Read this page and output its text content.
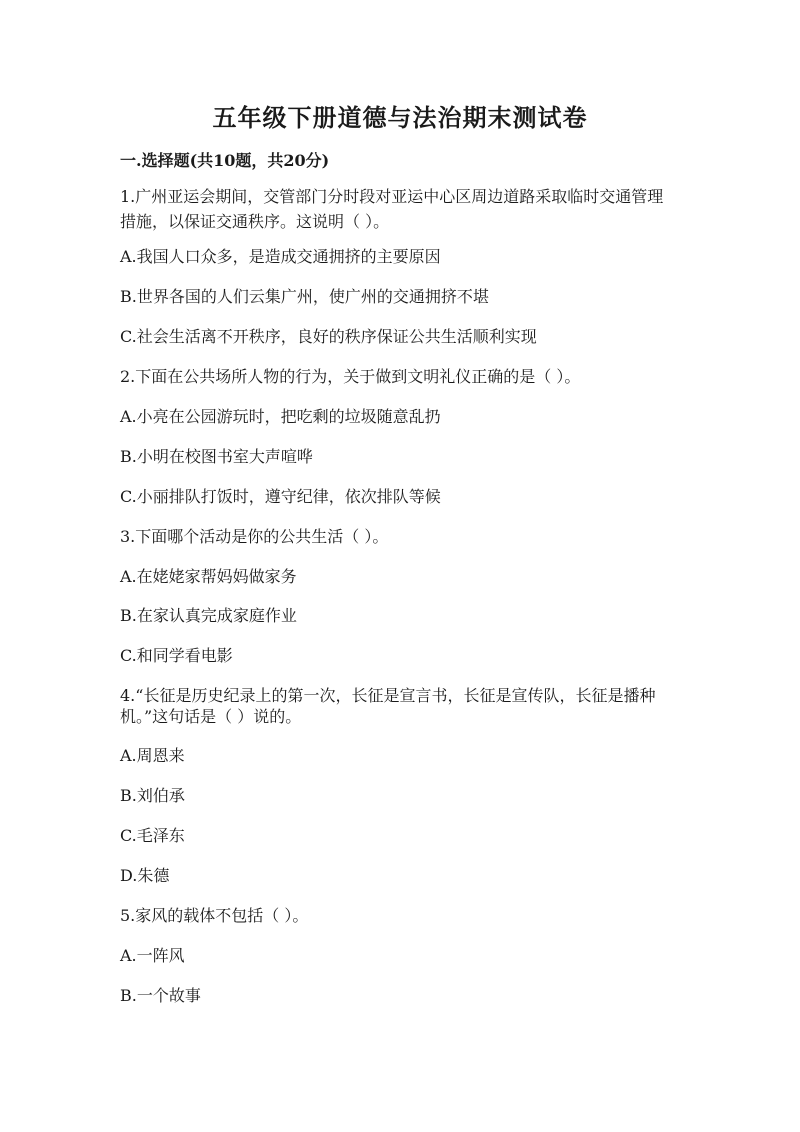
五年级下册道德与法治期末测试卷
一.选择题(共10题，共20分)
1.广州亚运会期间，交管部门分时段对亚运中心区周边道路采取临时交通管理
措施，以保证交通秩序。这说明（ ）。
A.我国人口众多，是造成交通拥挤的主要原因
B.世界各国的人们云集广州，使广州的交通拥挤不堪
C.社会生活离不开秩序，良好的秩序保证公共生活顺利实现
2.下面在公共场所人物的行为，关于做到文明礼仪正确的是（ ）。
A.小亮在公园游玩时，把吃剩的垃圾随意乱扔
B.小明在校图书室大声喧哗
C.小丽排队打饭时，遵守纪律，依次排队等候
3.下面哪个活动是你的公共生活（ ）。
A.在姥姥家帮妈妈做家务
B.在家认真完成家庭作业
C.和同学看电影
4.“长征是历史纪录上的第一次，长征是宣言书，长征是宣传队，长征是播种
机。”这句话是（ ）说的。
A.周恩来
B.刘伯承
C.毛泽东
D.朱德
5.家风的载体不包括（ ）。
A.一阵风
B.一个故事
